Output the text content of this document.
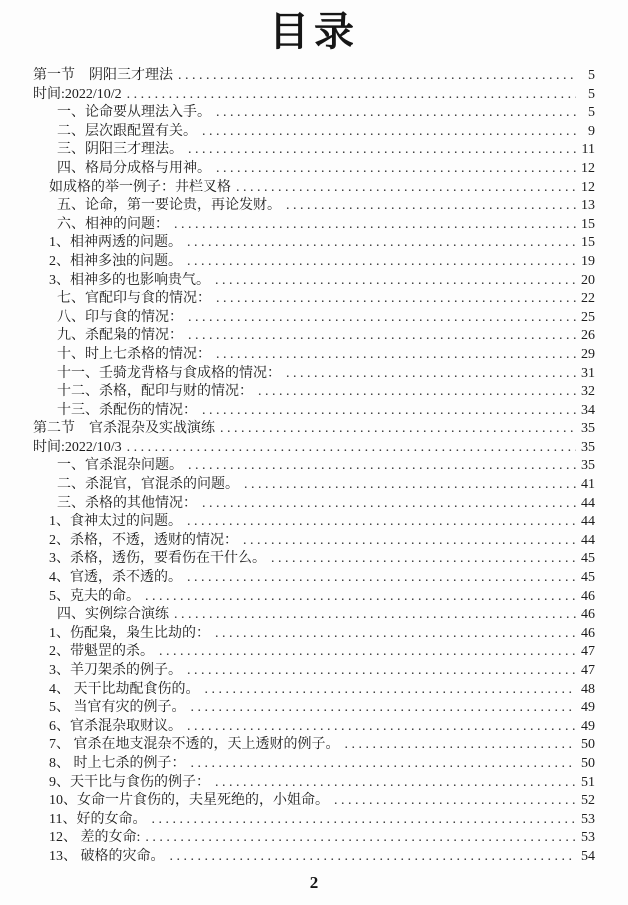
目录
第一节　阴阳三才理法 . . .	5
时间:2022/10/2 . . .	5
一、论命要从理法入手。 . . .	5
二、层次跟配置有关。 . . .	9
三、阴阳三才理法。 . . .	11
四、格局分成格与用神。 . . .	12
如成格的举一例子：井栏叉格 . . .	12
五、论命，第一要论贵，再论发财。 . . .	13
六、相神的问题： . . .	15
1、相神两透的问题。 . . .	15
2、相神多浊的问题。 . . .	19
3、相神多的也影响贵气。 . . .	20
七、官配印与食的情况： . . .	22
八、印与食的情况： . . .	25
九、杀配枭的情况： . . .	26
十、时上七杀格的情况： . . .	29
十一、壬骑龙背格与食成格的情况： . . .	31
十二、杀格，配印与财的情况： . . .	32
十三、杀配伤的情况： . . .	34
第二节　官杀混杂及实战演练 . . .	35
时间:2022/10/3 . . .	35
一、官杀混杂问题。 . . .	35
二、杀混官，官混杀的问题。 . . .	41
三、杀格的其他情况： . . .	44
1、食神太过的问题。 . . .	44
2、杀格，不透，透财的情况： . . .	44
3、杀格，透伤，要看伤在干什么。 . . .	45
4、官透，杀不透的。 . . .	45
5、克夫的命。 . . .	46
四、实例综合演练 . . .	46
1、伤配枭，枭生比劫的： . . .	46
2、带魁罡的杀。 . . .	47
3、羊刀架杀的例子。 . . .	47
4、 天干比劫配食伤的。 . . .	48
5、 当官有灾的例子。 . . .	49
6、官杀混杂取财议。 . . .	49
7、 官杀在地支混杂不透的，天上透财的例子。 . . .	50
8、 时上七杀的例子： . . .	50
9、天干比与食伤的例子： . . .	51
10、女命一片食伤的，夫星死绝的，小姐命。 . . .	52
11、好的女命。 . . .	53
12、 差的女命: . . .	53
13、 破格的灾命。 . . .	54
2
